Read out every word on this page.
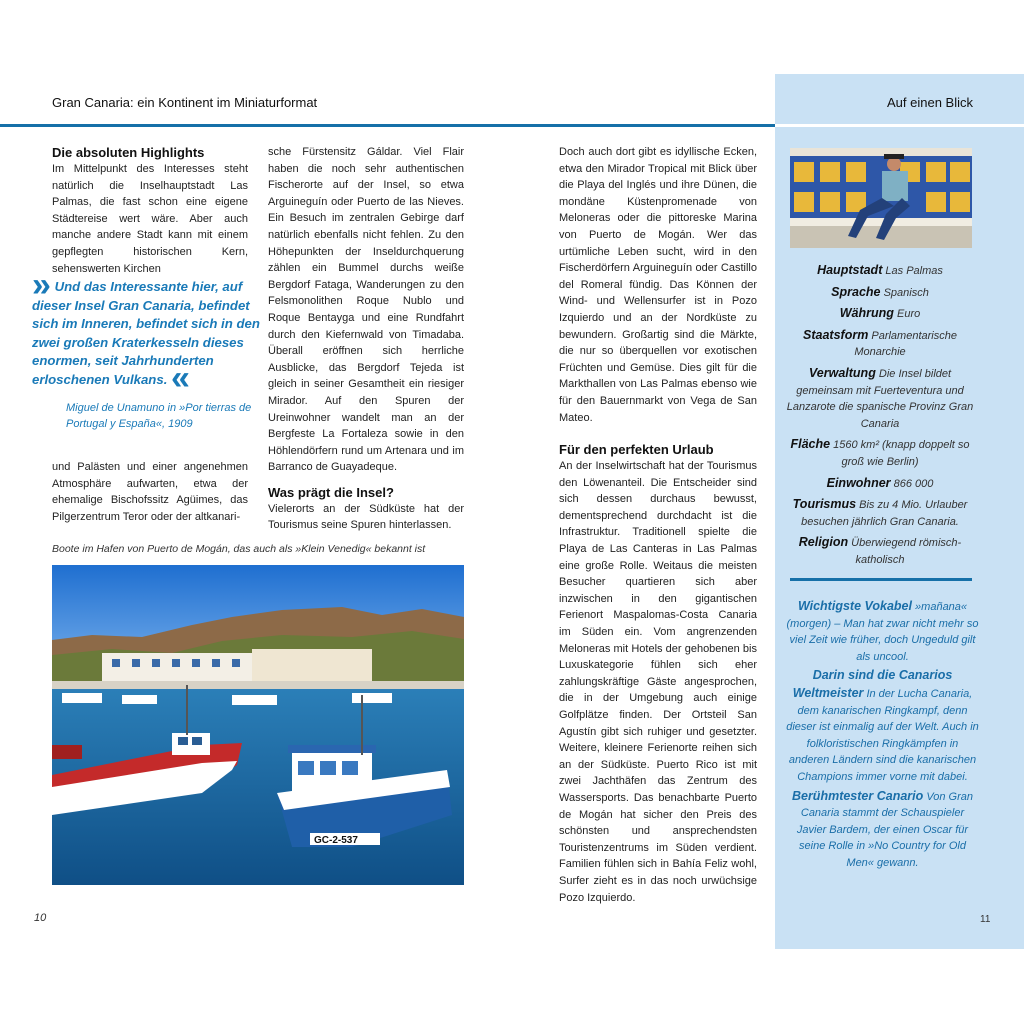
Gran Canaria: ein Kontinent im Miniaturformat	Auf einen Blick
Die absoluten Highlights

Im Mittelpunkt des Interesses steht natürlich die Inselhauptstadt Las Palmas, die fast schon eine eigene Städtereise wert wäre. Aber auch manche andere Stadt kann mit einem gepflegten historischen Kern, sehenswerten Kirchen

» Und das Interessante hier, auf dieser Insel Gran Canaria, befindet sich im Inneren, befindet sich in den zwei großen Kraterkesseln dieses enormen, seit Jahrhunderten erloschenen Vulkans. «

Miguel de Unamuno in »Por tierras de Portugal y España«, 1909

und Palästen und einer angenehmen Atmosphäre aufwarten, etwa der ehemalige Bischofssitz Agüimes, das Pilgerzentrum Teror oder der altkanari-

sche Fürstensitz Gáldar. Viel Flair haben die noch sehr authentischen Fischerorte auf der Insel, so etwa Arguineguín oder Puerto de las Nieves. Ein Besuch im zentralen Gebirge darf natürlich ebenfalls nicht fehlen. Zu den Höhepunkten der Inseldurchquerung zählen ein Bummel durchs weiße Bergdorf Fataga, Wanderungen zu den Felsmonolithen Roque Nublo und Roque Bentayga und eine Rundfahrt durch den Kiefernwald von Timadaba. Überall eröffnen sich herrliche Ausblicke, das Bergdorf Tejeda ist gleich in seiner Gesamtheit ein riesiger Mirador. Auf den Spuren der Ureinwohner wandelt man an der Bergfeste La Fortaleza sowie in den Höhlendörfern rund um Artenara und im Barranco de Guayadeque.

Was prägt die Insel?

Vielerorts an der Südküste hat der Tourismus seine Spuren hinterlassen.

Boote im Hafen von Puerto de Mogán, das auch als »Klein Venedig« bekannt ist
GC-2-537

Doch auch dort gibt es idyllische Ecken, etwa den Mirador Tropical mit Blick über die Playa del Inglés und ihre Dünen, die mondäne Küstenpromenade von Meloneras oder die pittoreske Marina von Puerto de Mogán. Wer das urtümliche Leben sucht, wird in den Fischerdörfern Arguineguín oder Castillo del Romeral fündig. Das Können der Wind- und Wellensurfer ist in Pozo Izquierdo und an der Nordküste zu bewundern. Großartig sind die Märkte, die nur so überquellen vor exotischen Früchten und Gemüse. Dies gilt für die Markthallen von Las Palmas ebenso wie für den Bauernmarkt von Vega de San Mateo.

Für den perfekten Urlaub

An der Inselwirtschaft hat der Tourismus den Löwenanteil. Die Entscheider sind sich dessen durchaus bewusst, dementsprechend durchdacht ist die Infrastruktur. Traditionell spielte die Playa de Las Canteras in Las Palmas eine große Rolle. Weitaus die meisten Besucher quartieren sich aber inzwischen in den gigantischen Ferienort Maspalomas-Costa Canaria im Süden ein. Vom angrenzenden Meloneras mit Hotels der gehobenen bis Luxuskategorie fühlen sich eher zahlungskräftige Gäste angesprochen, die in der Umgebung auch einige Golfplätze finden. Der Ortsteil San Agustín gibt sich ruhiger und gesetzter. Weitere, kleinere Ferienorte reihen sich an der Südküste. Puerto Rico ist mit zwei Jachthäfen das Zentrum des Wassersports. Das benachbarte Puerto de Mogán hat sicher den Preis des schönsten und ansprechendsten Touristenzentrums im Süden verdient. Familien fühlen sich in Bahía Feliz wohl, Surfer zieht es in das noch urwüchsige Pozo Izquierdo.

Hauptstadt Las Palmas
Sprache Spanisch
Währung Euro
Staatsform Parlamentarische Monarchie
Verwaltung Die Insel bildet gemeinsam mit Fuerteventura und Lanzarote die spanische Provinz Gran Canaria
Fläche 1560 km² (knapp doppelt so groß wie Berlin)
Einwohner 866 000
Tourismus Bis zu 4 Mio. Urlauber besuchen jährlich Gran Canaria.
Religion Überwiegend römisch-katholisch
Wichtigste Vokabel »mañana« (morgen) – Man hat zwar nicht mehr so viel Zeit wie früher, doch Ungeduld gilt als uncool.
Darin sind die Canarios Weltmeister In der Lucha Canaria, dem kanarischen Ringkampf, denn dieser ist einmalig auf der Welt. Auch in folkloristischen Ringkämpfen in anderen Ländern sind die kanarischen Champions immer vorne mit dabei.
Berühmtester Canario Von Gran Canaria stammt der Schauspieler Javier Bardem, der einen Oscar für seine Rolle in »No Country for Old Men« gewann.
10	11
